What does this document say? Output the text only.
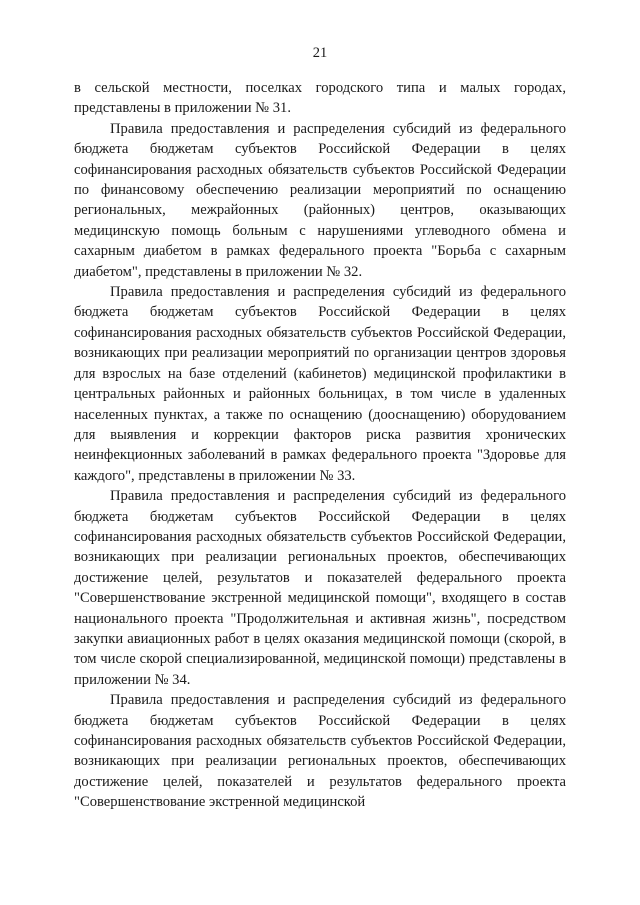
21

в сельской местности, поселках городского типа и малых городах, представлены в приложении № 31.

Правила предоставления и распределения субсидий из федерального бюджета бюджетам субъектов Российской Федерации в целях софинансирования расходных обязательств субъектов Российской Федерации по финансовому обеспечению реализации мероприятий по оснащению региональных, межрайонных (районных) центров, оказывающих медицинскую помощь больным с нарушениями углеводного обмена и сахарным диабетом в рамках федерального проекта "Борьба с сахарным диабетом", представлены в приложении № 32.

Правила предоставления и распределения субсидий из федерального бюджета бюджетам субъектов Российской Федерации в целях софинансирования расходных обязательств субъектов Российской Федерации, возникающих при реализации мероприятий по организации центров здоровья для взрослых на базе отделений (кабинетов) медицинской профилактики в центральных районных и районных больницах, в том числе в удаленных населенных пунктах, а также по оснащению (дооснащению) оборудованием для выявления и коррекции факторов риска развития хронических неинфекционных заболеваний в рамках федерального проекта "Здоровье для каждого", представлены в приложении № 33.

Правила предоставления и распределения субсидий из федерального бюджета бюджетам субъектов Российской Федерации в целях софинансирования расходных обязательств субъектов Российской Федерации, возникающих при реализации региональных проектов, обеспечивающих достижение целей, результатов и показателей федерального проекта "Совершенствование экстренной медицинской помощи", входящего в состав национального проекта "Продолжительная и активная жизнь", посредством закупки авиационных работ в целях оказания медицинской помощи (скорой, в том числе скорой специализированной, медицинской помощи) представлены в приложении № 34.

Правила предоставления и распределения субсидий из федерального бюджета бюджетам субъектов Российской Федерации в целях софинансирования расходных обязательств субъектов Российской Федерации, возникающих при реализации региональных проектов, обеспечивающих достижение целей, показателей и результатов федерального проекта "Совершенствование экстренной медицинской
